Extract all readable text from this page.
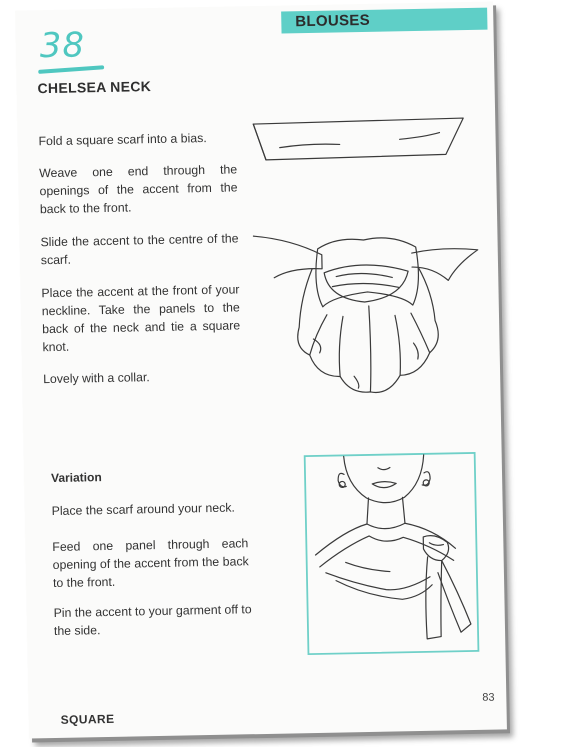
BLOUSES
38
CHELSEA NECK
Fold a square scarf into a bias.
Weave one end through the openings of the accent from the back to the front.
Slide the accent to the centre of the scarf.
Place the accent at the front of your neckline. Take the panels to the back of the neck and tie a square knot.
Lovely with a collar.
Variation
Place the scarf around your neck.
Feed one panel through each opening of the accent from the back to the front.
Pin the accent to your garment off to the side.
SQUARE
83
